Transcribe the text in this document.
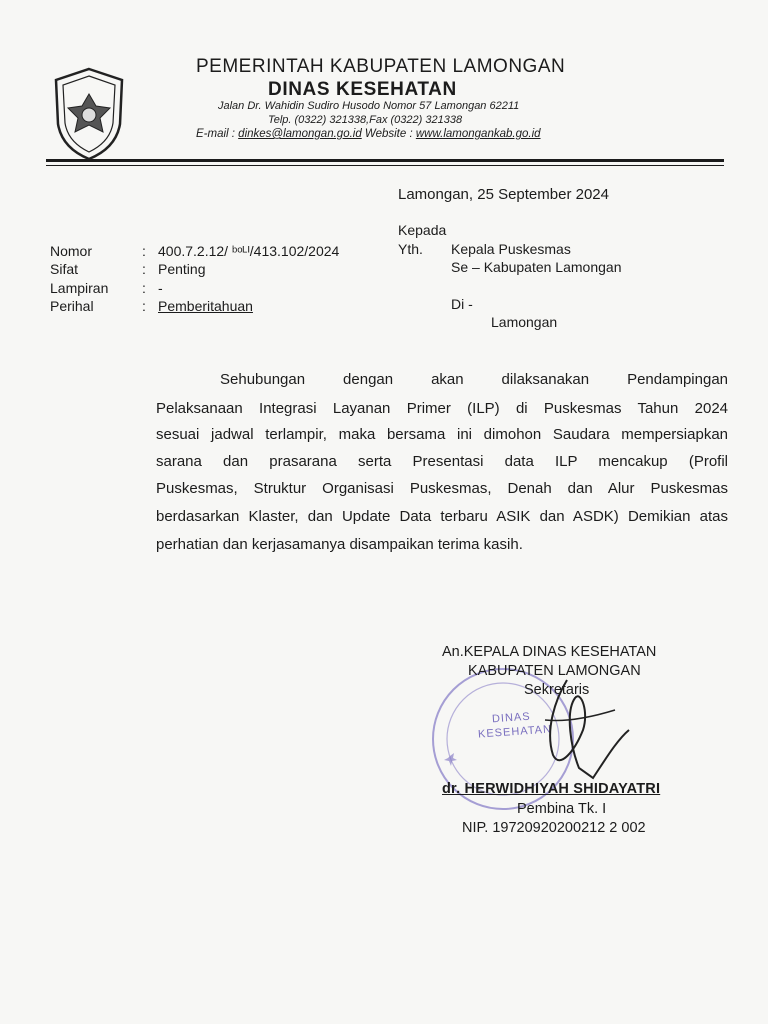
PEMERINTAH KABUPATEN LAMONGAN
DINAS KESEHATAN
Jalan Dr. Wahidin Sudiro Husodo Nomor 57 Lamongan 62211
Telp. (0322) 321338,Fax (0322) 321338
E-mail : dinkes@lamongan.go.id Website : www.lamongankab.go.id
Lamongan, 25 September 2024
Kepada
Yth. Kepala Puskesmas
Se – Kabupaten Lamongan
Di -
Lamongan
Nomor	: 400.7.2.12/ ᵇᵒᴸᴵ/413.102/2024
Sifat	: Penting
Lampiran : -
Perihal	: Pemberitahuan
Sehubungan dengan akan dilaksanakan Pendampingan
Pelaksanaan Integrasi Layanan Primer (ILP) di Puskesmas Tahun 2024
sesuai jadwal terlampir, maka bersama ini dimohon Saudara mempersiapkan
sarana dan prasarana serta Presentasi data ILP mencakup (Profil
Puskesmas, Struktur Organisasi Puskesmas, Denah dan Alur Puskesmas
berdasarkan Klaster, dan Update Data terbaru ASIK dan ASDK) Demikian atas
perhatian dan kerjasamanya disampaikan terima kasih.
DINAS
KESEHATAN
An.KEPALA DINAS KESEHATAN
KABUPATEN LAMONGAN
Sekretaris
dr. HERWIDHIYAH SHIDAYATRI
Pembina Tk. I
NIP. 19720920200212 2 002
